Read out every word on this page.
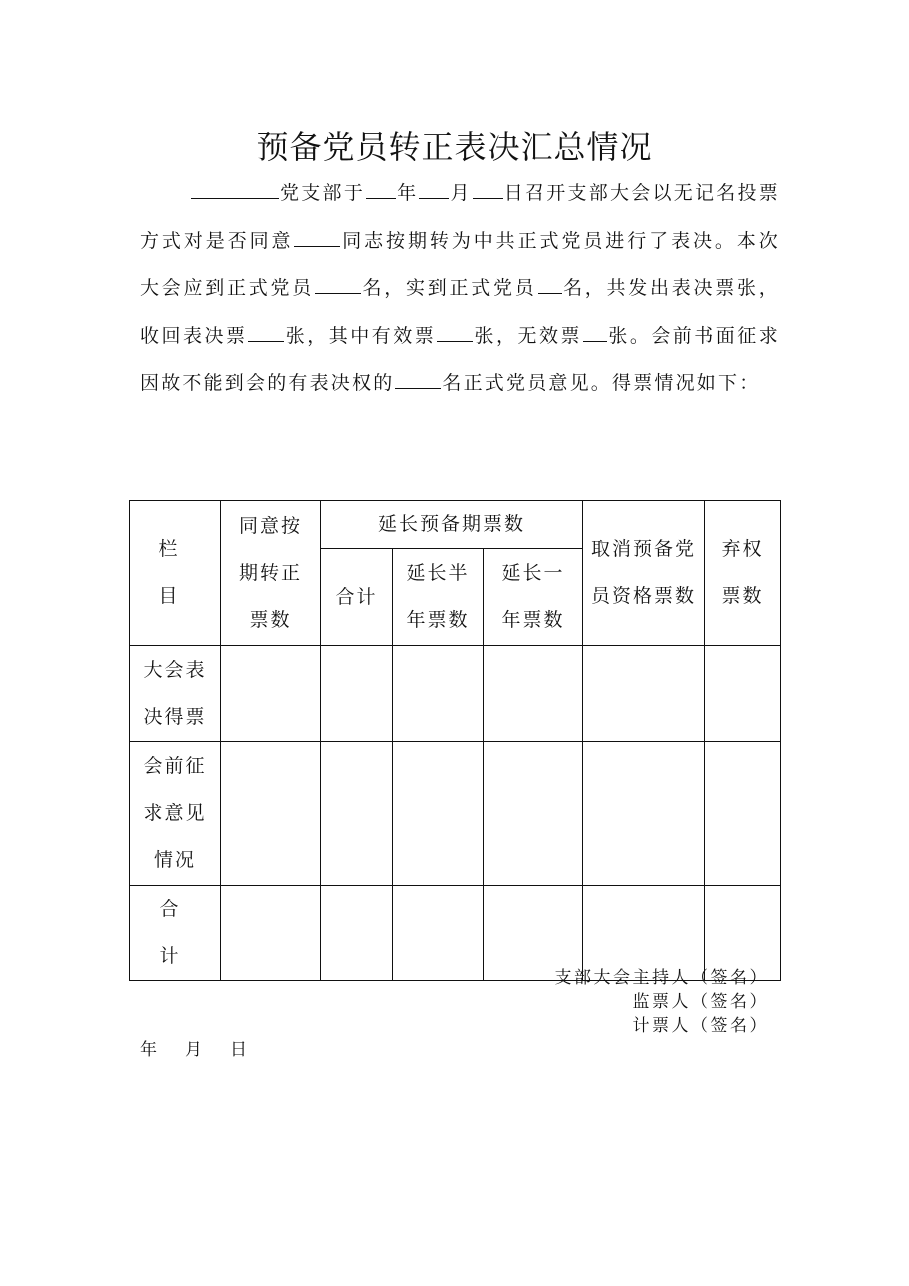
预备党员转正表决汇总情况
党支部于 年 月 日召开支部大会以无记名投票方式对是否同意	同志按期转为中共正式党员进行了表决。本次大会应到正式党员	名，实到正式党员 名，共发出表决票张，收回表决票 张，其中有效票 张，无效票 张。会前书面征求因故不能到会的有表决权的	名正式党员意见。得票情况如下：
栏 目	同意按期转正票数	延长预备期票数			取消预备党员资格票数	弃权票数
		合计	延长半年票数	延长一年票数		
大会表决得票						
会前征求意见情况						
合 计						
支部大会主持人（签名）
监票人（签名）
计票人（签名）
年 月 日
